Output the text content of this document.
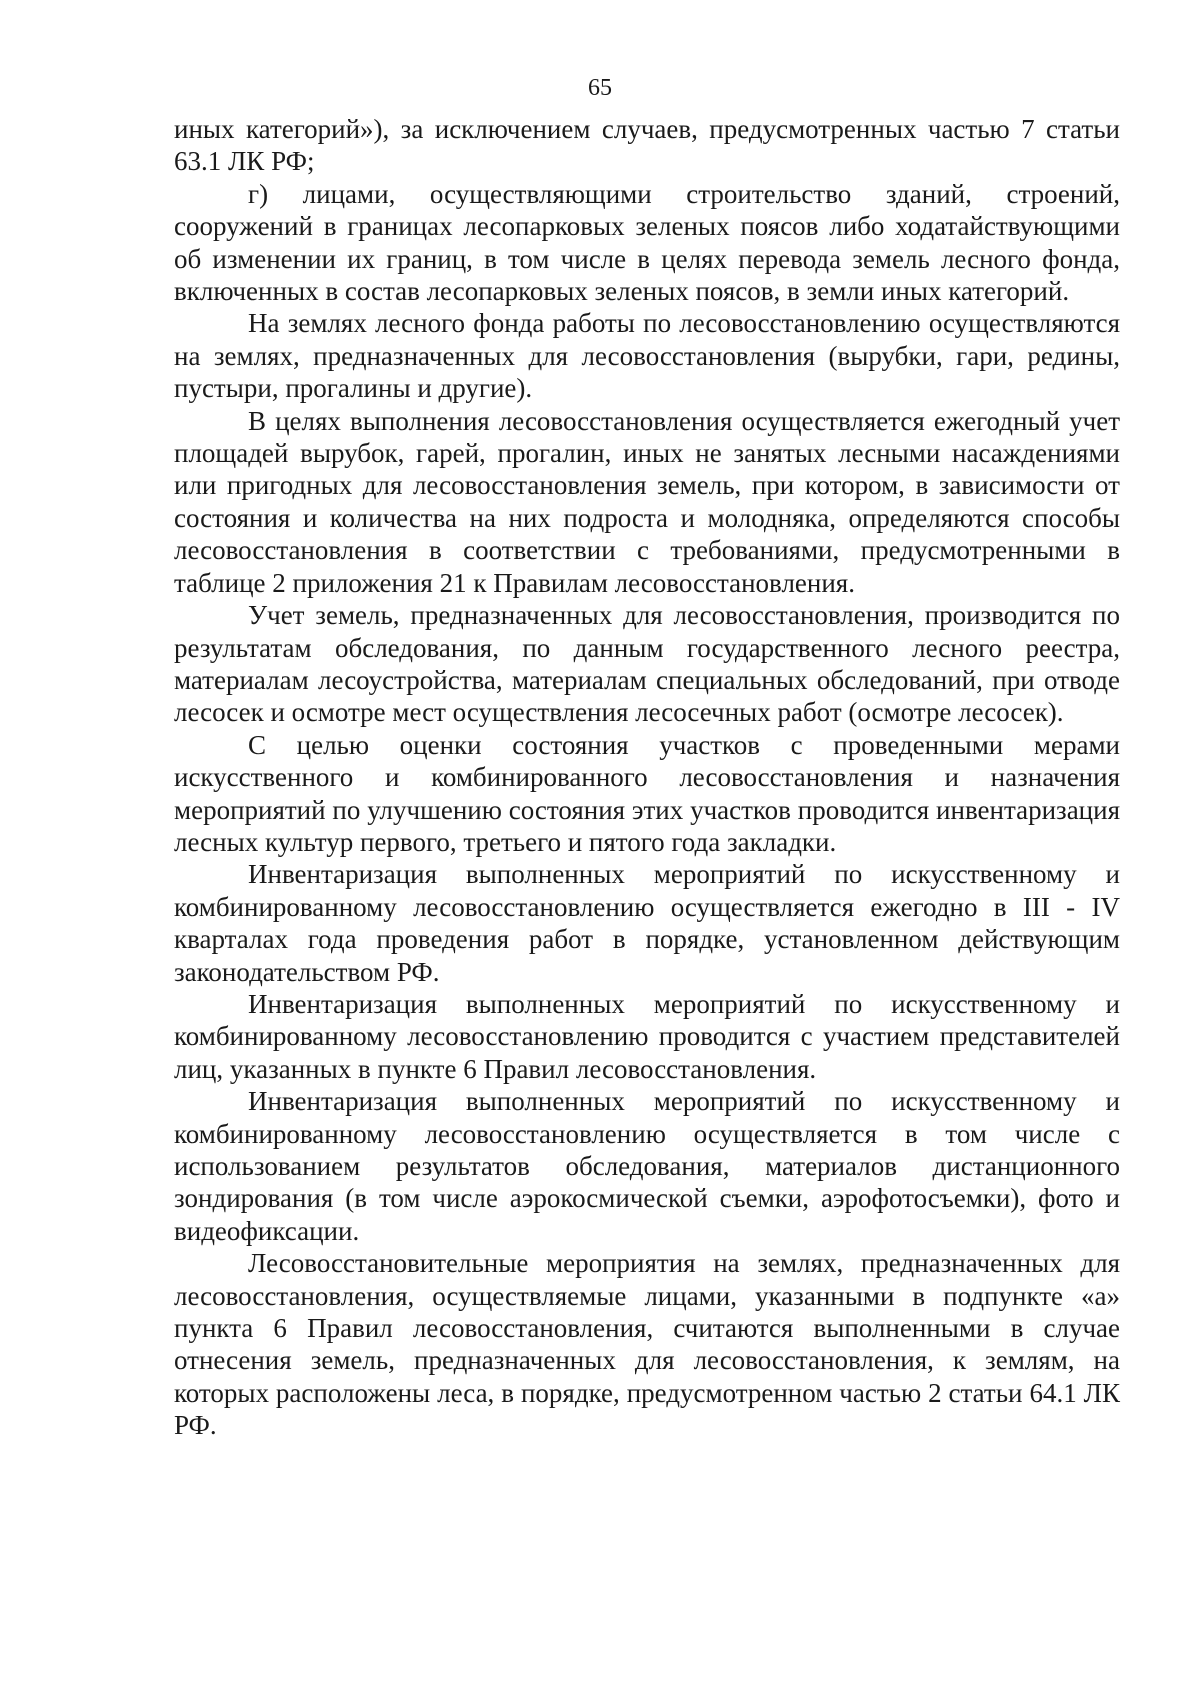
65

иных категорий»), за исключением случаев, предусмотренных частью 7 статьи 63.1 ЛК РФ;

г) лицами, осуществляющими строительство зданий, строений, сооружений в границах лесопарковых зеленых поясов либо ходатайствующими об изменении их границ, в том числе в целях перевода земель лесного фонда, включенных в состав лесопарковых зеленых поясов, в земли иных категорий.

На землях лесного фонда работы по лесовосстановлению осуществляются на землях, предназначенных для лесовосстановления (вырубки, гари, редины, пустыри, прогалины и другие).

В целях выполнения лесовосстановления осуществляется ежегодный учет площадей вырубок, гарей, прогалин, иных не занятых лесными насаждениями или пригодных для лесовосстановления земель, при котором, в зависимости от состояния и количества на них подроста и молодняка, определяются способы лесовосстановления в соответствии с требованиями, предусмотренными в таблице 2 приложения 21 к Правилам лесовосстановления.

Учет земель, предназначенных для лесовосстановления, производится по результатам обследования, по данным государственного лесного реестра, материалам лесоустройства, материалам специальных обследований, при отводе лесосек и осмотре мест осуществления лесосечных работ (осмотре лесосек).

С целью оценки состояния участков с проведенными мерами искусственного и комбинированного лесовосстановления и назначения мероприятий по улучшению состояния этих участков проводится инвентаризация лесных культур первого, третьего и пятого года закладки.

Инвентаризация выполненных мероприятий по искусственному и комбинированному лесовосстановлению осуществляется ежегодно в III - IV кварталах года проведения работ в порядке, установленном действующим законодательством РФ.

Инвентаризация выполненных мероприятий по искусственному и комбинированному лесовосстановлению проводится с участием представителей лиц, указанных в пункте 6 Правил лесовосстановления.

Инвентаризация выполненных мероприятий по искусственному и комбинированному лесовосстановлению осуществляется в том числе с использованием результатов обследования, материалов дистанционного зондирования (в том числе аэрокосмической съемки, аэрофотосъемки), фото и видеофиксации.

Лесовосстановительные мероприятия на землях, предназначенных для лесовосстановления, осуществляемые лицами, указанными в подпункте «а» пункта 6 Правил лесовосстановления, считаются выполненными в случае отнесения земель, предназначенных для лесовосстановления, к землям, на которых расположены леса, в порядке, предусмотренном частью 2 статьи 64.1 ЛК РФ.
